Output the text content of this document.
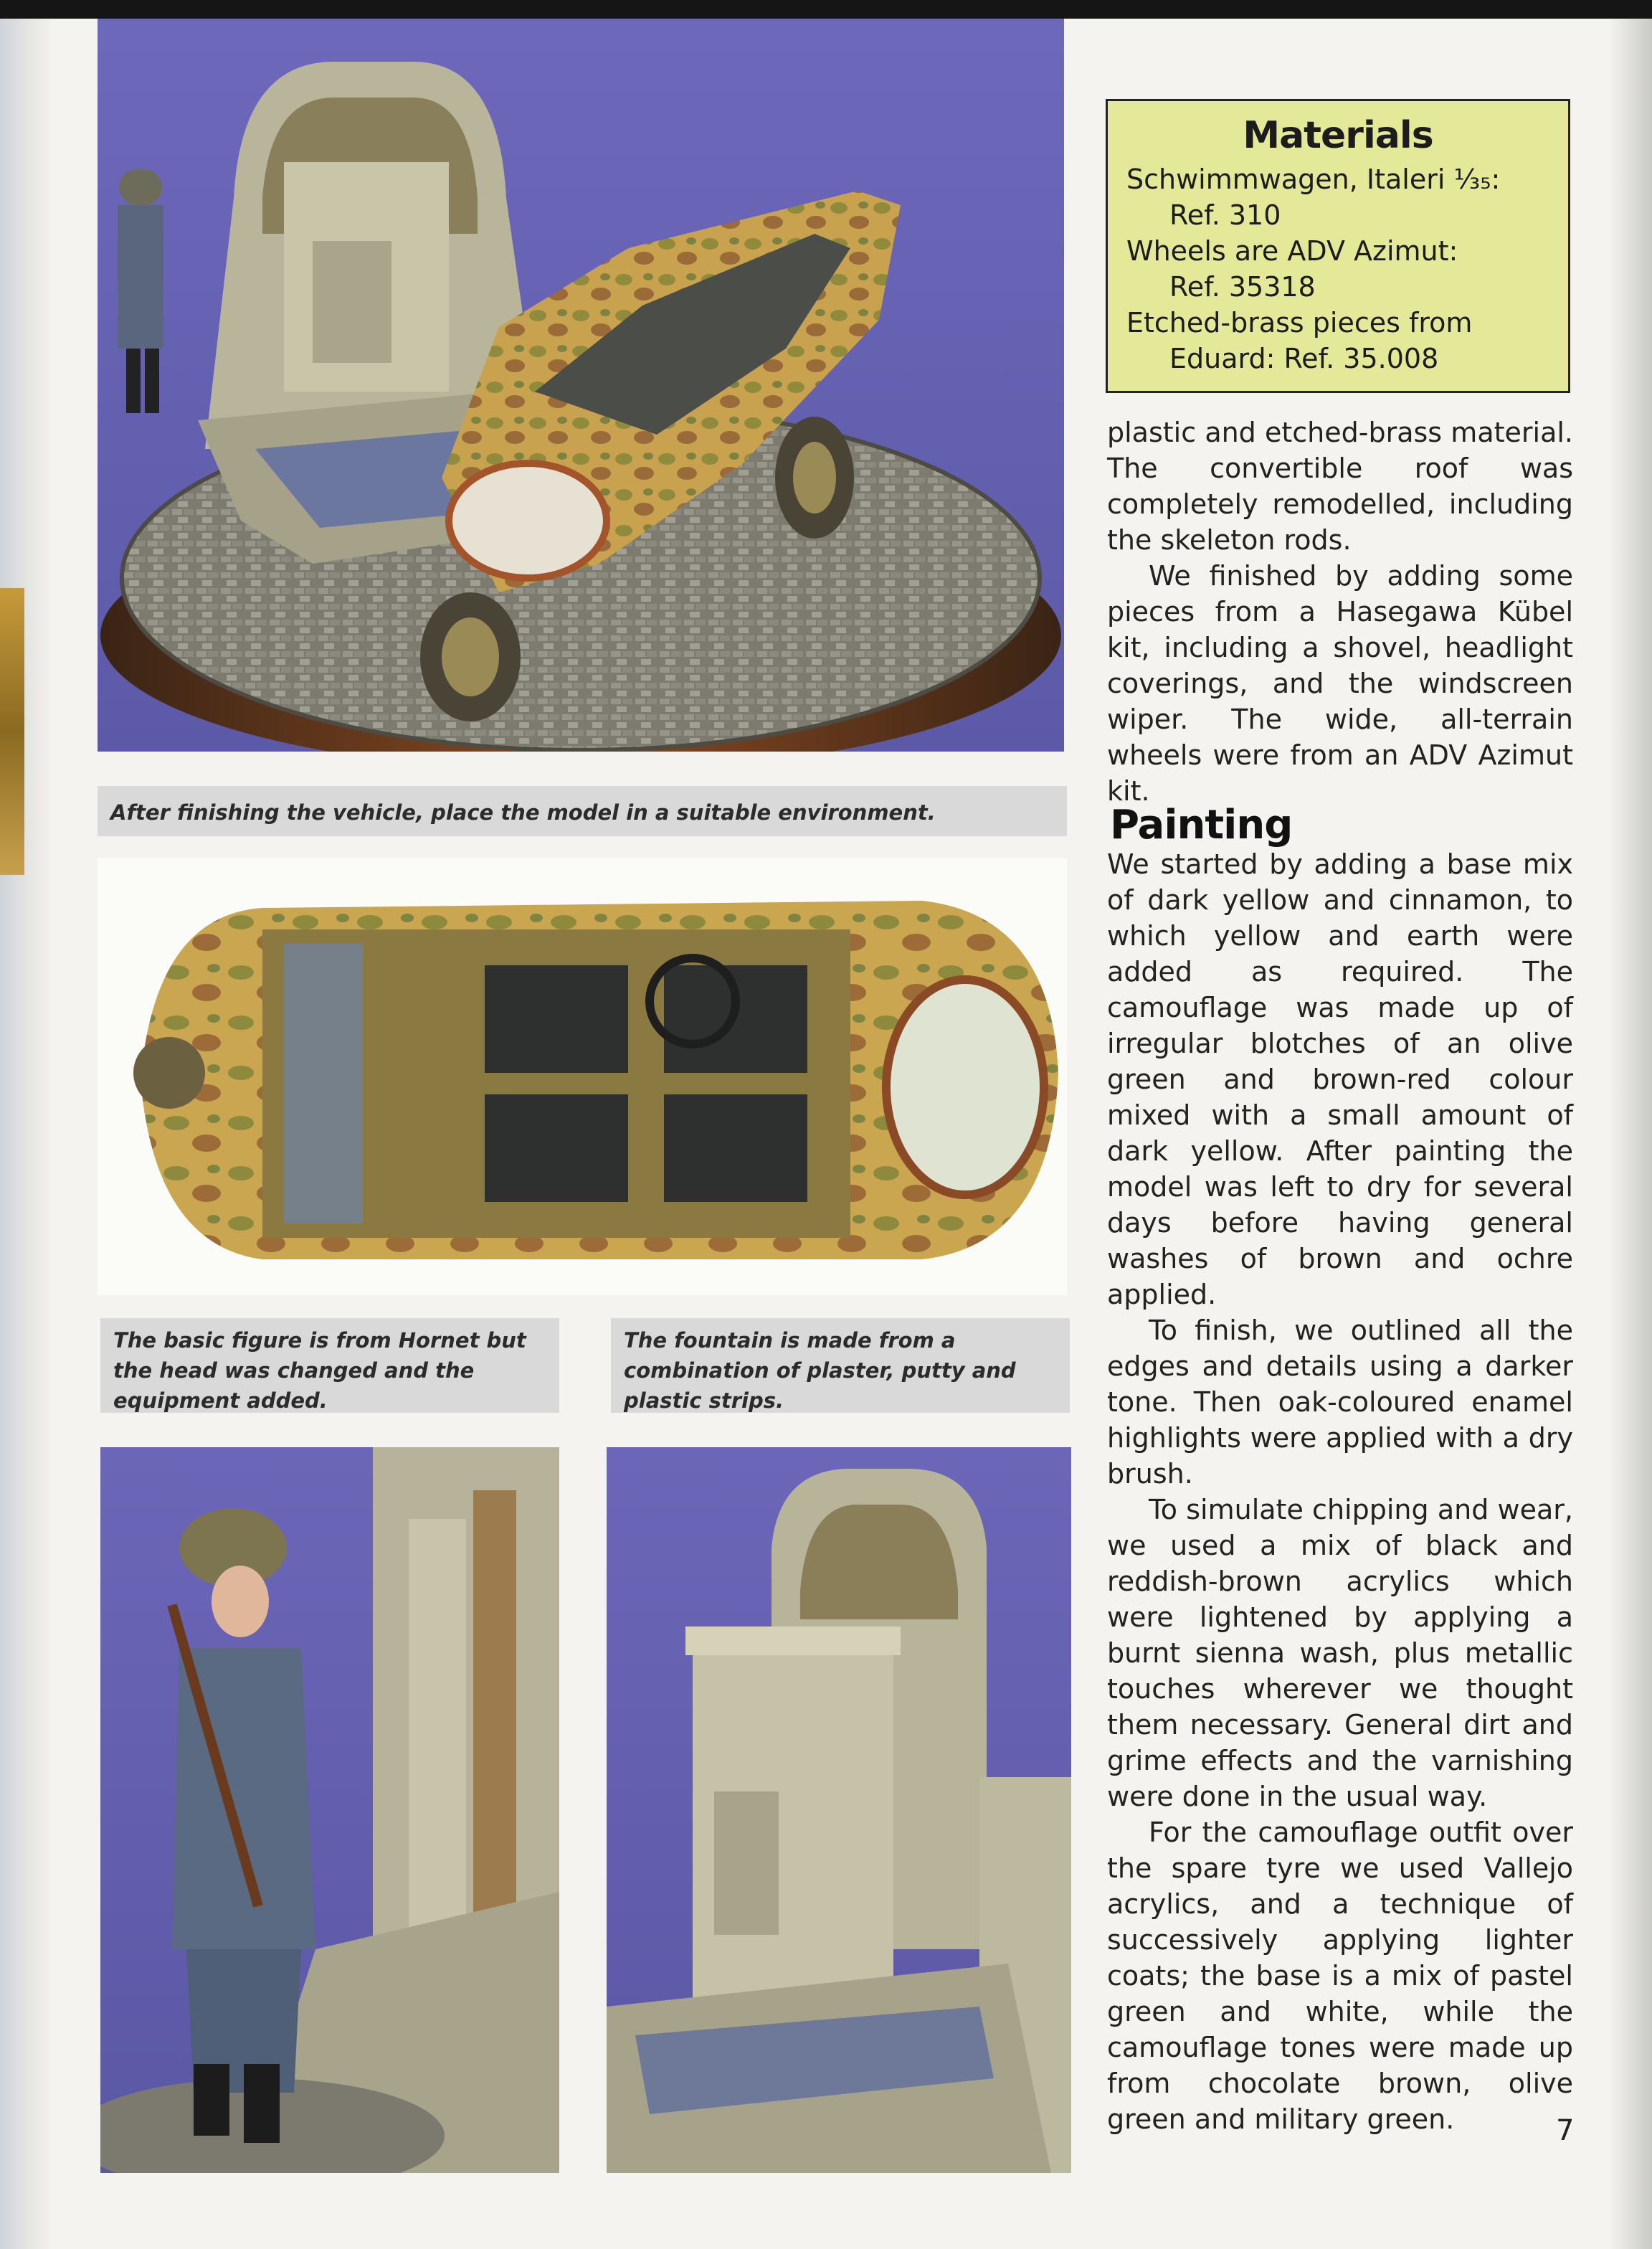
After finishing the vehicle, place the model in a suitable environment.
The basic figure is from Hornet but the head was changed and the equipment added.
The fountain is made from a combination of plaster, putty and plastic strips.
Materials
Schwimmwagen, Italeri ¹⁄₃₅:
Ref. 310
Wheels are ADV Azimut:
Ref. 35318
Etched-brass pieces from
Eduard: Ref. 35.008

plastic and etched-brass material. The convertible roof was completely remodelled, including the skeleton rods.

We finished by adding some pieces from a Hasegawa Kübel kit, including a shovel, headlight coverings, and the windscreen wiper. The wide, all-terrain wheels were from an ADV Azimut kit.

Painting

We started by adding a base mix of dark yellow and cinnamon, to which yellow and earth were added as required. The camouflage was made up of irregular blotches of an olive green and brown-red colour mixed with a small amount of dark yellow. After painting the model was left to dry for several days before having general washes of brown and ochre applied.

To finish, we outlined all the edges and details using a darker tone. Then oak-coloured enamel highlights were applied with a dry brush.

To simulate chipping and wear, we used a mix of black and reddish-brown acrylics which were lightened by applying a burnt sienna wash, plus metallic touches wherever we thought them necessary. General dirt and grime effects and the varnishing were done in the usual way.

For the camouflage outfit over the spare tyre we used Vallejo acrylics, and a technique of successively applying lighter coats; the base is a mix of pastel green and white, while the camouflage tones were made up from chocolate brown, olive green and military green.	7
